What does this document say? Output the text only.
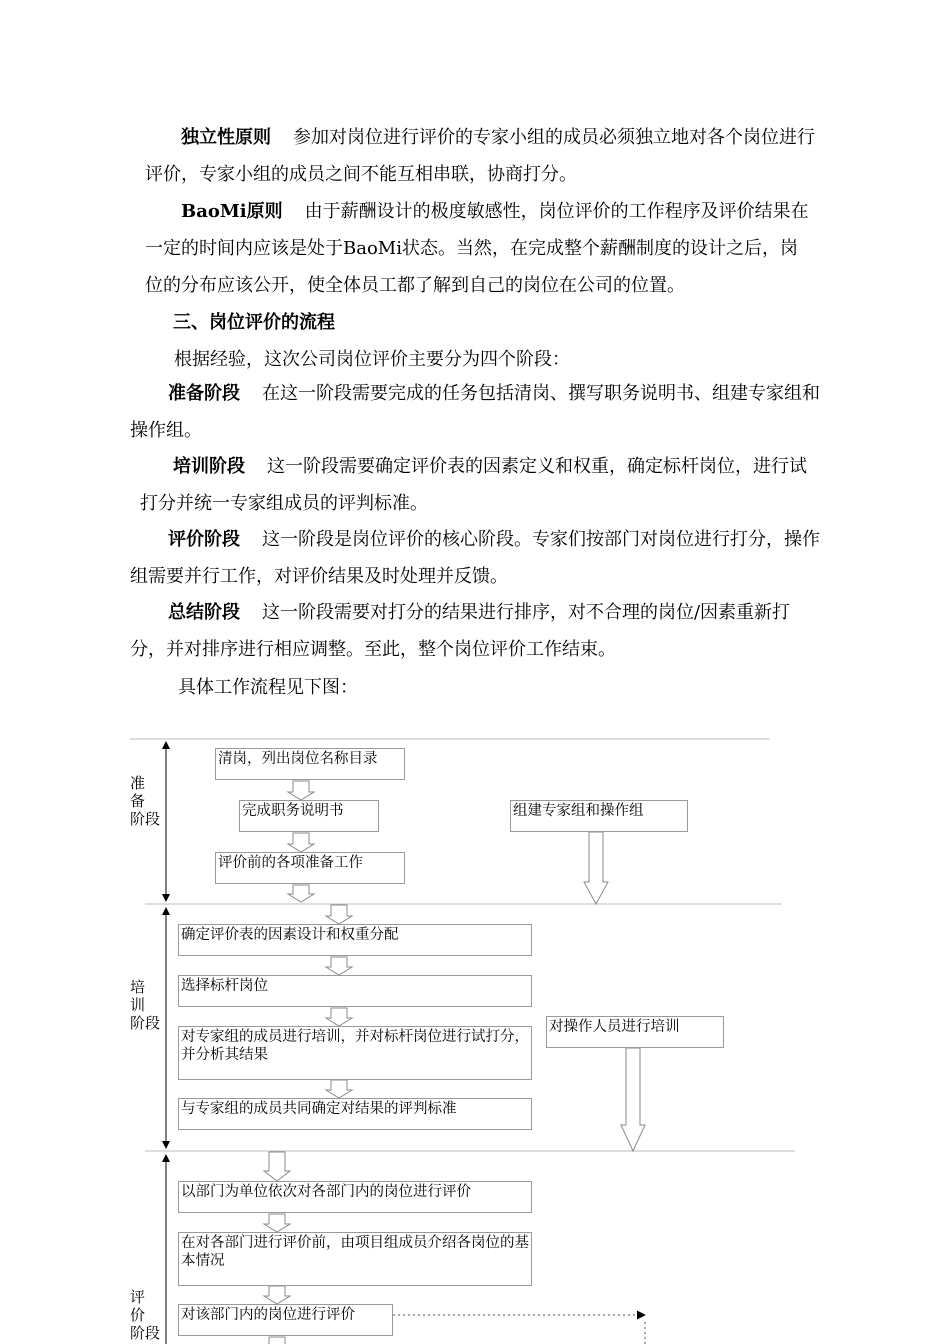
独立性原则 参加对岗位进行评价的专家小组的成员必须独立地对各个岗位进行评价，专家小组的成员之间不能互相串联，协商打分。

BaoMi原则 由于薪酬设计的极度敏感性，岗位评价的工作程序及评价结果在一定的时间内应该是处于BaoMi状态。当然，在完成整个薪酬制度的设计之后，岗位的分布应该公开，使全体员工都了解到自己的岗位在公司的位置。

三、岗位评价的流程

根据经验，这次公司岗位评价主要分为四个阶段：

准备阶段 在这一阶段需要完成的任务包括清岗、撰写职务说明书、组建专家组和操作组。

培训阶段 这一阶段需要确定评价表的因素定义和权重，确定标杆岗位，进行试打分并统一专家组成员的评判标准。

评价阶段 这一阶段是岗位评价的核心阶段。专家们按部门对岗位进行打分，操作组需要并行工作，对评价结果及时处理并反馈。

总结阶段 这一阶段需要对打分的结果进行排序，对不合理的岗位/因素重新打分，并对排序进行相应调整。至此，整个岗位评价工作结束。

具体工作流程见下图：

准备
阶段
培训
阶段
评价
阶段
清岗，列出岗位名称目录
完成职务说明书	组建专家组和操作组
评价前的各项准备工作
确定评价表的因素设计和权重分配
选择标杆岗位
对专家组的成员进行培训，并对标杆岗位进行试打分，并分析其结果
对操作人员进行培训
与专家组的成员共同确定对结果的评判标准
以部门为单位依次对各部门内的岗位进行评价
在对各部门进行评价前，由项目组成员介绍各岗位的基本情况
对该部门内的岗位进行评价
